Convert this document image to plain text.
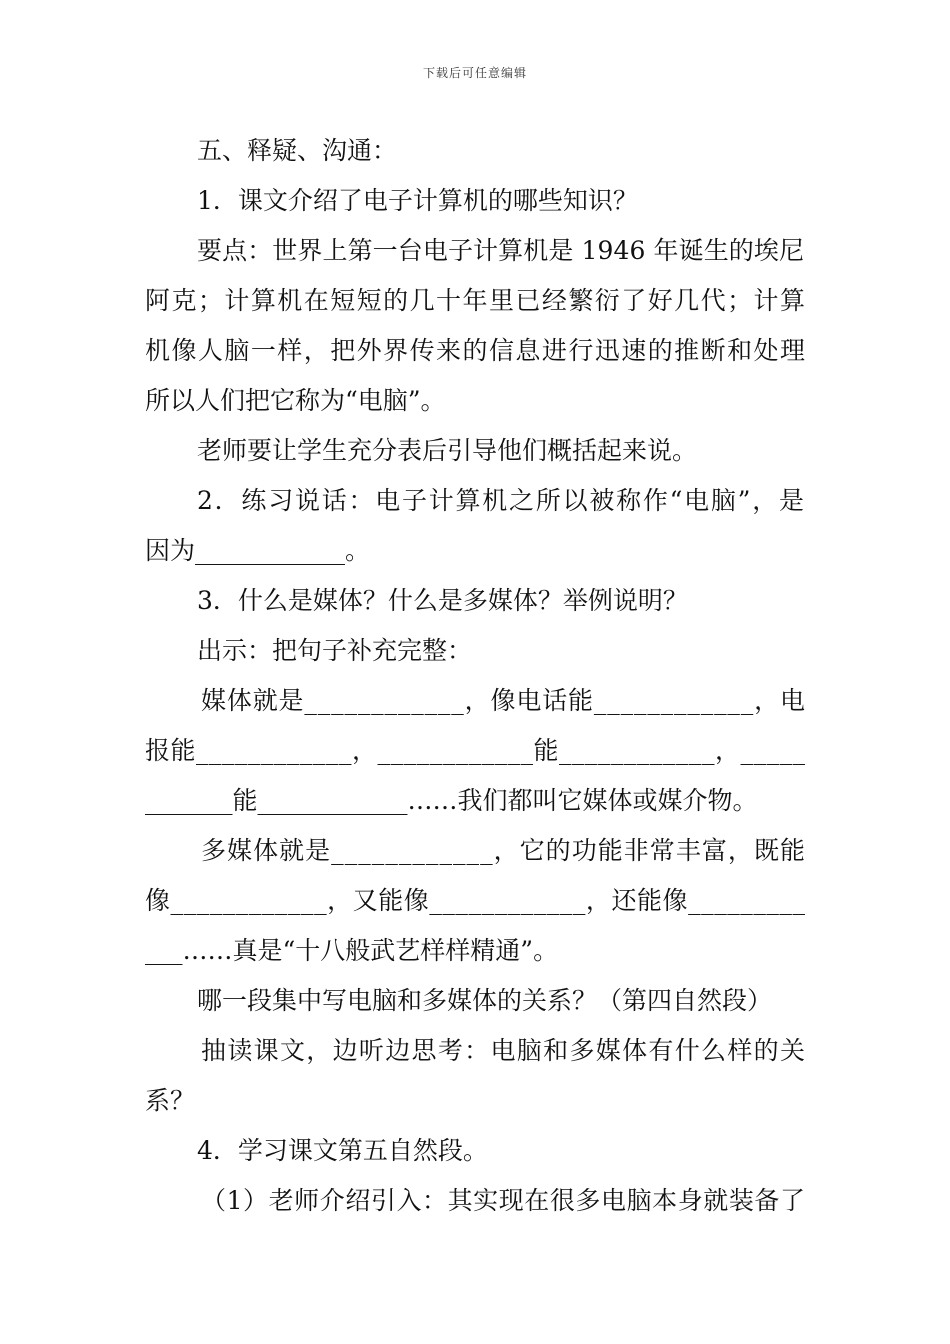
下载后可任意编辑
五、释疑、沟通：
1．课文介绍了电子计算机的哪些知识？
要点：世界上第一台电子计算机是 1946 年诞生的埃尼
阿克；计算机在短短的几十年里已经繁衍了好几代；计算
机像人脑一样，把外界传来的信息进行迅速的推断和处理
所以人们把它称为“电脑”。
老师要让学生充分表后引导他们概括起来说。
2．练习说话：电子计算机之所以被称作“电脑”，是
因为____________。
3．什么是媒体？什么是多媒体？举例说明？
出示：把句子补充完整：
媒体就是____________，像电话能____________，电
报能____________，____________能____________，_____
_______能____________……我们都叫它媒体或媒介物。
多媒体就是____________，它的功能非常丰富，既能
像____________，又能像____________，还能像_________
___……真是“十八般武艺样样精通”。
哪一段集中写电脑和多媒体的关系？（第四自然段）
抽读课文，边听边思考：电脑和多媒体有什么样的关
系？
4．学习课文第五自然段。
（1）老师介绍引入：其实现在很多电脑本身就装备了
